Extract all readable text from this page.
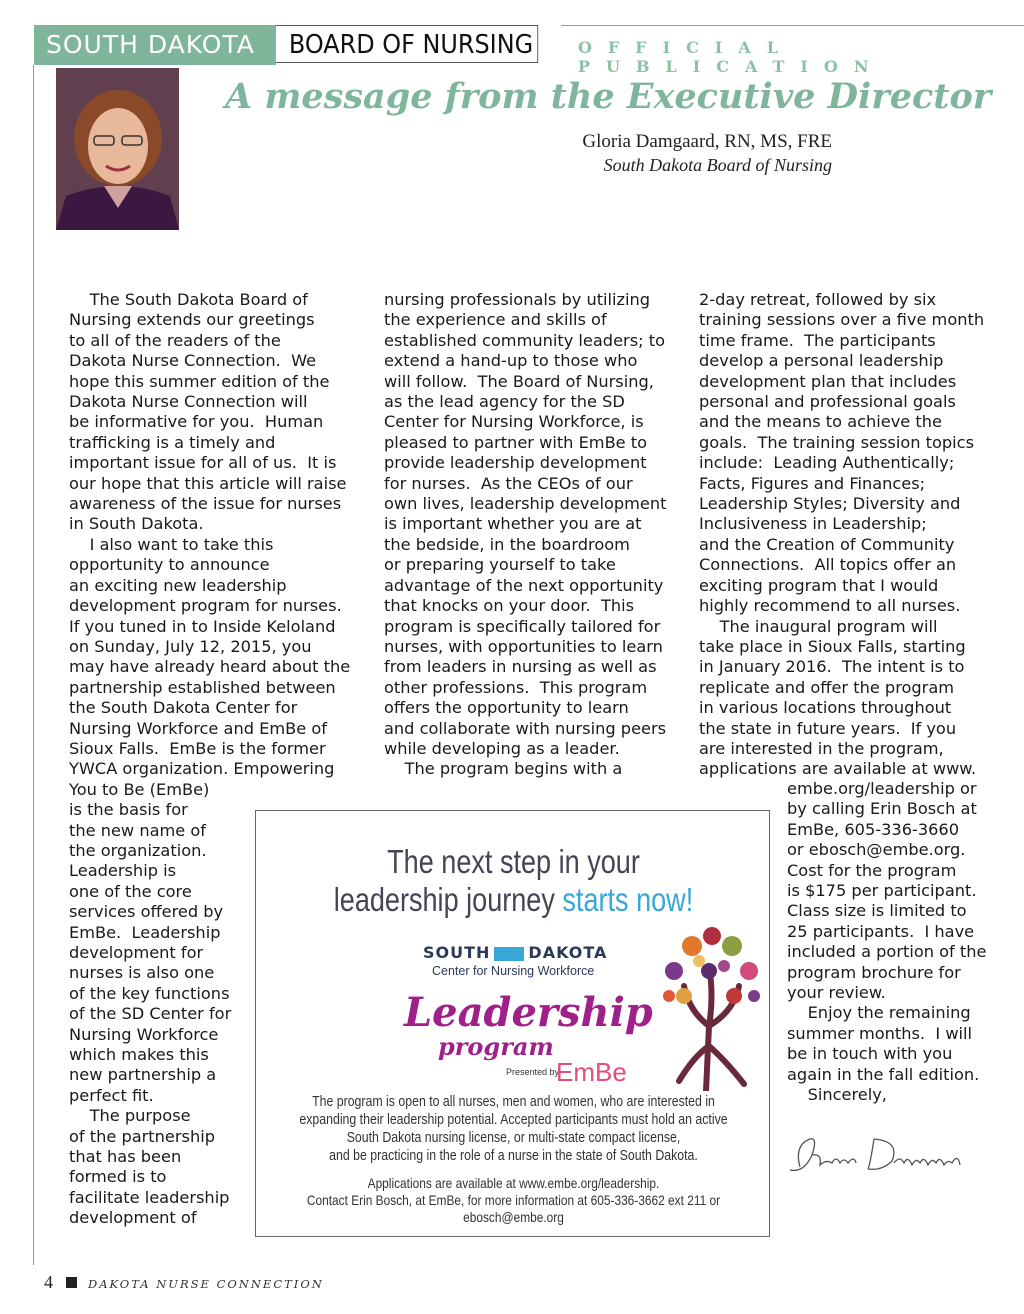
SOUTH DAKOTA	BOARD OF NURSING	OFFICIAL PUBLICATION
A message from the Executive Director
Gloria Damgaard, RN, MS, FRE
South Dakota Board of Nursing
The South Dakota Board of
Nursing extends our greetings
to all of the readers of the
Dakota Nurse Connection.  We
hope this summer edition of the
Dakota Nurse Connection will
be informative for you.  Human
trafficking is a timely and
important issue for all of us.  It is
our hope that this article will raise
awareness of the issue for nurses
in South Dakota.
I also want to take this
opportunity to announce
an exciting new leadership
development program for nurses.
If you tuned in to Inside Keloland
on Sunday, July 12, 2015, you
may have already heard about the
partnership established between
the South Dakota Center for
Nursing Workforce and EmBe of
Sioux Falls.  EmBe is the former
YWCA organization. Empowering
You to Be (EmBe)
is the basis for
the new name of
the organization.
Leadership is
one of the core
services offered by
EmBe.  Leadership
development for
nurses is also one
of the key functions
of the SD Center for
Nursing Workforce
which makes this
new partnership a
perfect fit.
The purpose
of the partnership
that has been
formed is to
facilitate leadership
development of
nursing professionals by utilizing
the experience and skills of
established community leaders; to
extend a hand-up to those who
will follow.  The Board of Nursing,
as the lead agency for the SD
Center for Nursing Workforce, is
pleased to partner with EmBe to
provide leadership development
for nurses.  As the CEOs of our
own lives, leadership development
is important whether you are at
the bedside, in the boardroom
or preparing yourself to take
advantage of the next opportunity
that knocks on your door.  This
program is specifically tailored for
nurses, with opportunities to learn
from leaders in nursing as well as
other professions.  This program
offers the opportunity to learn
and collaborate with nursing peers
while developing as a leader.
The program begins with a
2-day retreat, followed by six
training sessions over a five month
time frame.  The participants
develop a personal leadership
development plan that includes
personal and professional goals
and the means to achieve the
goals.  The training session topics
include:  Leading Authentically;
Facts, Figures and Finances;
Leadership Styles; Diversity and
Inclusiveness in Leadership;
and the Creation of Community
Connections.  All topics offer an
exciting program that I would
highly recommend to all nurses.
The inaugural program will
take place in Sioux Falls, starting
in January 2016.  The intent is to
replicate and offer the program
in various locations throughout
the state in future years.  If you
are interested in the program,
applications are available at www.
embe.org/leadership or
by calling Erin Bosch at
EmBe, 605-336-3660
or ebosch@embe.org.
Cost for the program
is $175 per participant.
Class size is limited to
25 participants.  I have
included a portion of the
program brochure for
your review.
Enjoy the remaining
summer months.  I will
be in touch with you
again in the fall edition.
Sincerely,
The next step in your
leadership journey starts now!
SOUTH DAKOTA
Center for Nursing Workforce
Leadership
program
Presented by
EmBe
The program is open to all nurses, men and women, who are interested in
expanding their leadership potential. Accepted participants must hold an active
South Dakota nursing license, or multi-state compact license,
and be practicing in the role of a nurse in the state of South Dakota.
Applications are available at www.embe.org/leadership.
Contact Erin Bosch, at EmBe, for more information at 605-336-3662 ext 211 or ebosch@embe.org
4	DAKOTA NURSE CONNECTION
